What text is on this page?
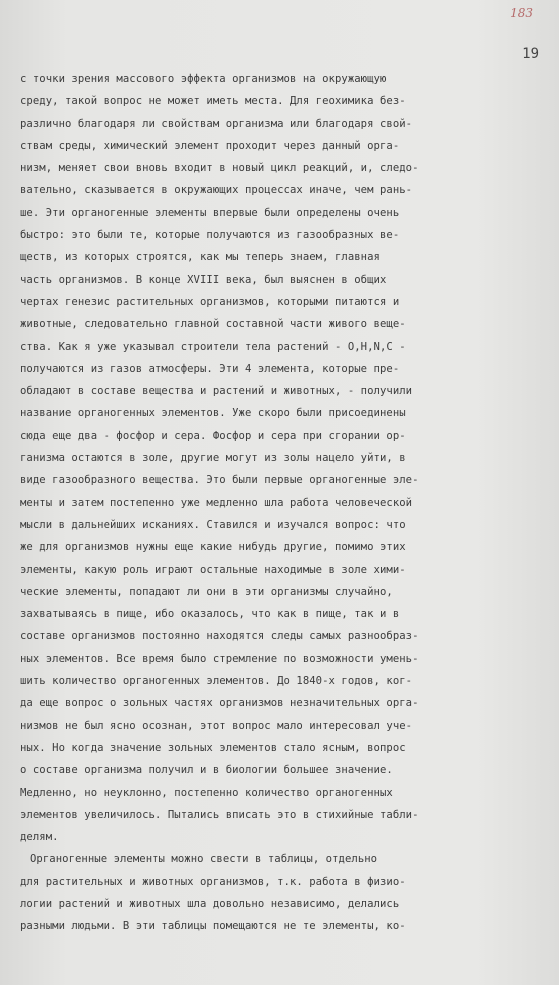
183
19
с точки зрения массового эффекта организмов на окружающую
среду, такой вопрос не может иметь места. Для геохимика без-
различно благодаря ли свойствам организма или благодаря свой-
ствам среды, химический элемент проходит через данный орга-
низм, меняет свои вновь входит в новый цикл реакций, и, следо-
вательно, сказывается в окружающих процессах иначе, чем рань-
ше. Эти органогенные элементы впервые были определены очень
быстро: это были те, которые получаются из газообразных ве-
ществ, из которых строятся, как мы теперь знаем, главная
часть организмов. В конце XVIII века, был выяснен в общих
чертах генезис растительных организмов, которыми питаются и
животные, следовательно главной составной части живого веще-
ства. Как я уже указывал строители тела растений - О,Н,N,С -
получаются из газов атмосферы. Эти 4 элемента, которые пре-
обладают в составе вещества и растений и животных, - получили
название органогенных элементов. Уже скоро были присоединены
сюда еще два - фосфор и сера. Фосфор и сера при сгорании ор-
ганизма остаются в золе, другие могут из золы нацело уйти, в
виде газообразного вещества. Это были первые органогенные эле-
менты и затем постепенно уже медленно шла работа человеческой
мысли в дальнейших исканиях. Ставился и изучался вопрос: что
же для организмов нужны еще какие нибудь другие, помимо этих
элементы, какую роль играют остальные находимые в золе хими-
ческие элементы, попадают ли они в эти организмы случайно,
захватываясь в пище, ибо оказалось, что как в пище, так и в
составе организмов постоянно находятся следы самых разнообраз-
ных элементов. Все время было стремление по возможности умень-
шить количество органогенных элементов. До 1840-х годов, ког-
да еще вопрос о зольных частях организмов незначительных орга-
низмов не был ясно осознан, этот вопрос мало интересовал уче-
ных. Но когда значение зольных элементов стало ясным, вопрос
о составе организма получил и в биологии большее значение.
Медленно, но неуклонно, постепенно количество органогенных
элементов увеличилось. Пытались вписать это в стихийные табли-
делям.
Органогенные элементы можно свести в таблицы, отдельно
для растительных и животных организмов, т.к. работа в физио-
логии растений и животных шла довольно независимо, делались
разными людьми. В эти таблицы помещаются не те элементы, ко-
